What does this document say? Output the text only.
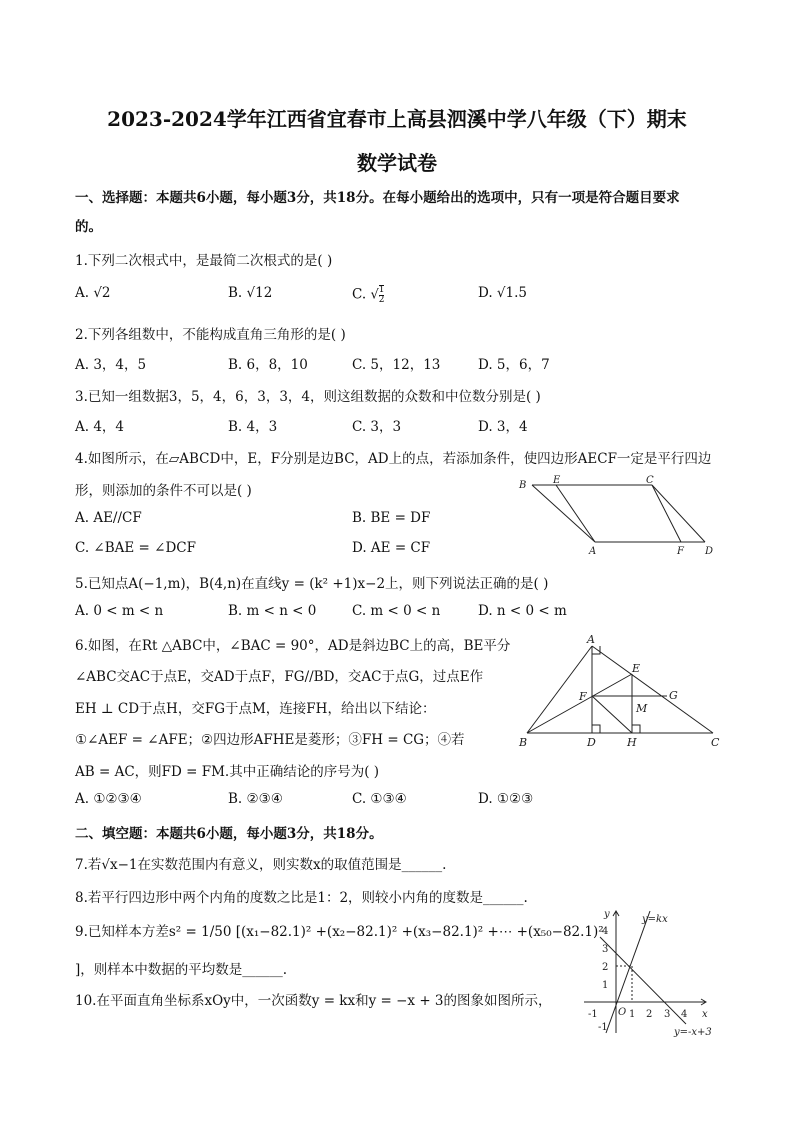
2023-2024学年江西省宜春市上高县泗溪中学八年级（下）期末
数学试卷
一、选择题：本题共6小题，每小题3分，共18分。在每小题给出的选项中，只有一项是符合题目要求
的。
1.下列二次根式中，是最简二次根式的是( )
A. √2	B. √12	C. √ $\frac{1}{2}$	D. √1.5
2.下列各组数中，不能构成直角三角形的是( )
A. 3，4，5	B. 6，8，10	C. 5，12，13	D. 5，6，7
3.已知一组数据3，5，4，6，3，3，4，则这组数据的众数和中位数分别是( )
A. 4，4	B. 4，3	C. 3，3	D. 3，4
4.如图所示，在▱ABCD中，E，F分别是边BC，AD上的点，若添加条件，使四边形AECF一定是平行四边
形，则添加的条件不可以是( )
A. AE//CF	B. BE = DF
C. ∠BAE = ∠DCF	D. AE = CF
B	E	C
A	F D
5.已知点A(−1,m)，B(4,n)在直线y = (k² +1)x−2上，则下列说法正确的是( )
A. 0 < m < n	B. m < n < 0	C. m < 0 < n	D. n < 0 < m
6.如图，在Rt △ABC中，∠BAC = 90°，AD是斜边BC上的高，BE平分
∠ABC交AC于点E，交AD于点F，FG//BD，交AC于点G，过点E作
EH ⊥ CD于点H，交FG于点M，连接FH，给出以下结论：
①∠AEF = ∠AFE；②四边形AFHE是菱形；③FH = CG；④若
AB = AC，则FD = FM.其中正确结论的序号为( )
A. ①②③④	B. ②③④	C. ①③④	D. ①②③
A
E
G
F
M
B	D	H	C
二、填空题：本题共6小题，每小题3分，共18分。
7.若√x−1在实数范围内有意义，则实数x的取值范围是______.
8.若平行四边形中两个内角的度数之比是1：2，则较小内角的度数是______.
9.已知样本方差s² = 1/50 [(x₁−82.1)² +(x₂−82.1)² +(x₃−82.1)² +⋯ +(x₅₀−82.1)²
]，则样本中数据的平均数是______.
10.在平面直角坐标系xOy中，一次函数y = kx和y = −x + 3的图象如图所示，
O	x
y
-1	1 2 3 4
4
3
2
1
-1
y=kx
y=-x+3
